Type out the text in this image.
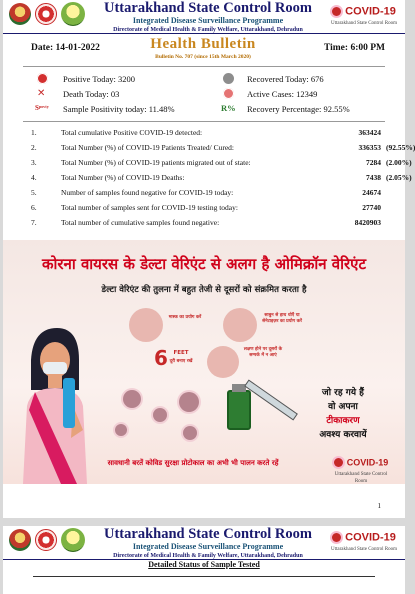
Uttarakhand State Control Room
Integrated Disease Surveillance Programme
Directorate of Medical Health & Family Welfare, Uttarakhand, Dehradun
COVID-19
Uttarakhand State Control Room
Date: 14-01-2022	Health Bulletin
Bulletin No. 707 (since 15th March 2020)
Time: 6:00 PM
Positive Today: 3200	Recovered Today: 676
✕	Death Today: 03	Active Cases: 12349
Sᵖᵒᵛᵗʸ	Sample Positivity today: 11.48%	R%	Recovery Percentage: 92.55%
1.	Total cumulative Positive COVID-19 detected:	363424
2.	Total Number (%) of COVID-19 Patients Treated/ Cured:	336353 (92.55%)
3.	Total Number (%) of COVID-19 patients migrated out of state:	7284 (2.00%)
4.	Total Number (%) of COVID-19 Deaths:	7438 (2.05%)
5.	Number of samples found negative for COVID-19 today:	24674
6.	Total number of samples sent for COVID-19 testing today:	27740
7.	Total number of cumulative samples found negative:	8420903
कोरना वायरस के डेल्टा वेरिएंट से अलग है ओमिक्रॉन वेरिएंट
डेल्टा वेरिएंट की तुलना में बहुत तेजी से दूसरों को संक्रमित करता है
मास्क का प्रयोग करें	साबुन से हाथ धोएँ या सेनेटाइज़र का प्रयोग करें
6	FEET
दूरी बनाए रखें
लक्षण होने पर दूसरों के सम्पर्क में न आएं
जो रह गये हैं
वो अपना
टीकाकरण
अवश्य करवायें
सावधानी बरतें कोविड सुरक्षा प्रोटोकाल का अभी भी पालन करते रहें	COVID-19
Uttarakhand State Control Room
1
Uttarakhand State Control Room
Integrated Disease Surveillance Programme
Directorate of Medical Health & Family Welfare, Uttarakhand, Dehradun
COVID-19
Uttarakhand State Control Room
Detailed Status of Sample Tested
